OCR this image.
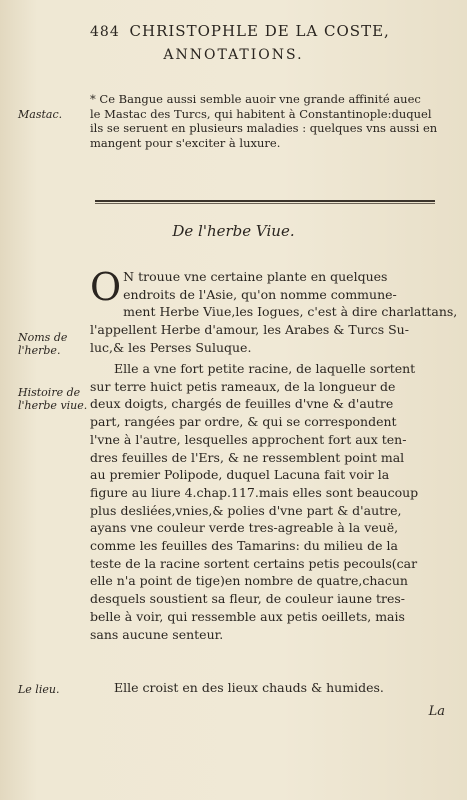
484 CHRISTOPHLE DE LA COSTE,
ANNOTATIONS.
Mastac.
* Ce Bangue aussi semble auoir vne grande affinité auec
le Mastac des Turcs, qui habitent à Constantinople:duquel
ils se seruent en plusieurs maladies : quelques vns aussi en
mangent pour s'exciter à luxure.
De l'herbe Viue.
Noms de
l'herbe.
Histoire de
l'herbe viue.
Le lieu.
O N trouue vne certaine plante en quelques
endroits de l'Asie, qu'on nomme commune-
ment Herbe Viue,les Iogues, c'est à dire charlattans,
l'appellent Herbe d'amour, les Arabes & Turcs Su-
luc,& les Perses Suluque.
Elle a vne fort petite racine, de laquelle sortent
sur terre huict petis rameaux, de la longueur de
deux doigts, chargés de feuilles d'vne & d'autre
part, rangées par ordre, & qui se correspondent
l'vne à l'autre, lesquelles approchent fort aux ten-
dres feuilles de l'Ers, & ne ressemblent point mal
au premier Polipode, duquel Lacuna fait voir la
figure au liure 4.chap.117.mais elles sont beaucoup
plus desliées,vnies,& polies d'vne part & d'autre,
ayans vne couleur verde tres-agreable à la veuë,
comme les feuilles des Tamarins: du milieu de la
teste de la racine sortent certains petis pecouls(car
elle n'a point de tige)en nombre de quatre,chacun
desquels soustient sa fleur, de couleur iaune tres-
belle à voir, qui ressemble aux petis oeillets, mais
sans aucune senteur.
Elle croist en des lieux chauds & humides.
La
